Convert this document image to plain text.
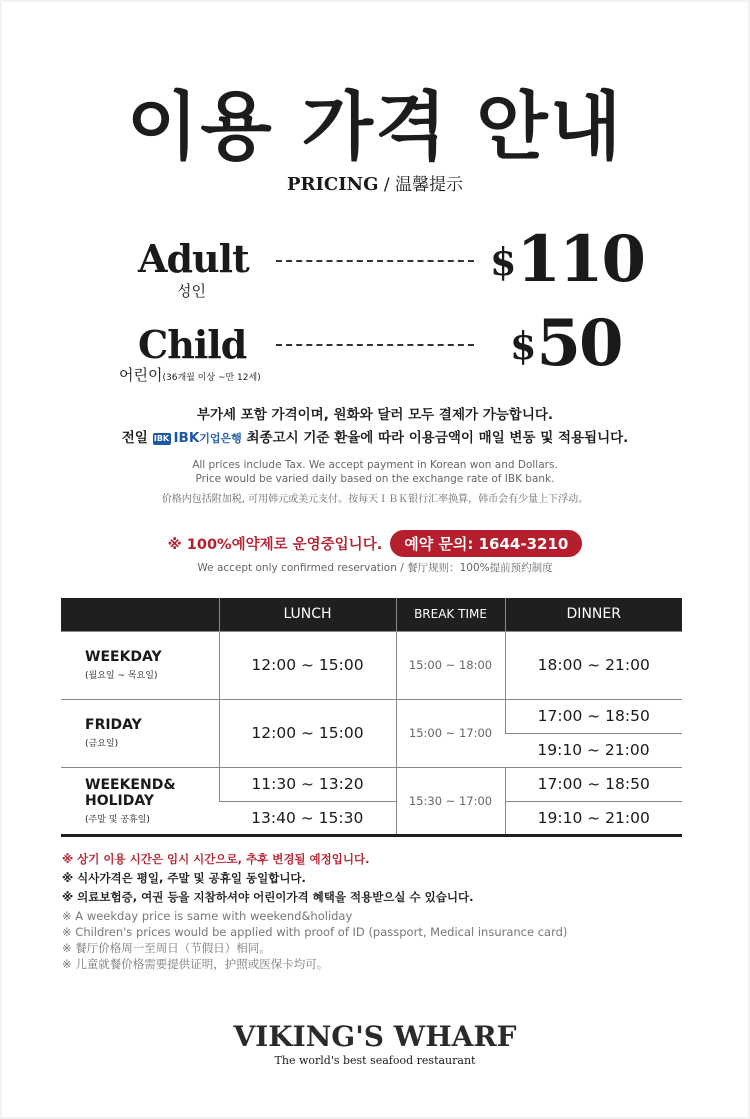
이용 가격 안내
PRICING / 温馨提示
Adult
성인
$110
Child
어린이(36개월 이상 ~만 12세)
$50
부가세 포함 가격이며, 원화와 달러 모두 결제가 가능합니다.
전일 IBK IBK기업은행 최종고시 기준 환율에 따라 이용금액이 매일 변동 및 적용됩니다.
All prices include Tax. We accept payment in Korean won and Dollars.
Price would be varied daily based on the exchange rate of IBK bank.
价格内包括附加税, 可用韩元或美元支付。按每天ＩＢＫ银行汇率换算，韩币会有少量上下浮动。
※ 100%예약제로 운영중입니다. 예약 문의: 1644-3210
We accept only confirmed reservation / 餐厅规则：100%提前预约制度
	LUNCH	BREAK TIME	DINNER

WEEKDAY
(월요일 ~ 목요일)	12:00 ~ 15:00	15:00 ~ 18:00	18:00 ~ 21:00

FRIDAY
(금요일)	12:00 ~ 15:00	15:00 ~ 17:00	17:00 ~ 18:50
			19:10 ~ 21:00

WEEKEND&
HOLIDAY
(주말 및 공휴일)	11:30 ~ 13:20	15:30 ~ 17:00	17:00 ~ 18:50
	13:40 ~ 15:30		19:10 ~ 21:00
※ 상기 이용 시간은 임시 시간으로, 추후 변경될 예정입니다.
※ 식사가격은 평일, 주말 및 공휴일 동일합니다.
※ 의료보험증, 여권 등을 지참하셔야 어린이가격 혜택을 적용받으실 수 있습니다.
※ A weekday price is same with weekend&holiday
※ Children's prices would be applied with proof of ID (passport, Medical insurance card)
※ 餐厅价格周一至周日（节假日）相同。
※ 儿童就餐价格需要提供证明，护照或医保卡均可。
VIKING'S WHARF
The world's best seafood restaurant
